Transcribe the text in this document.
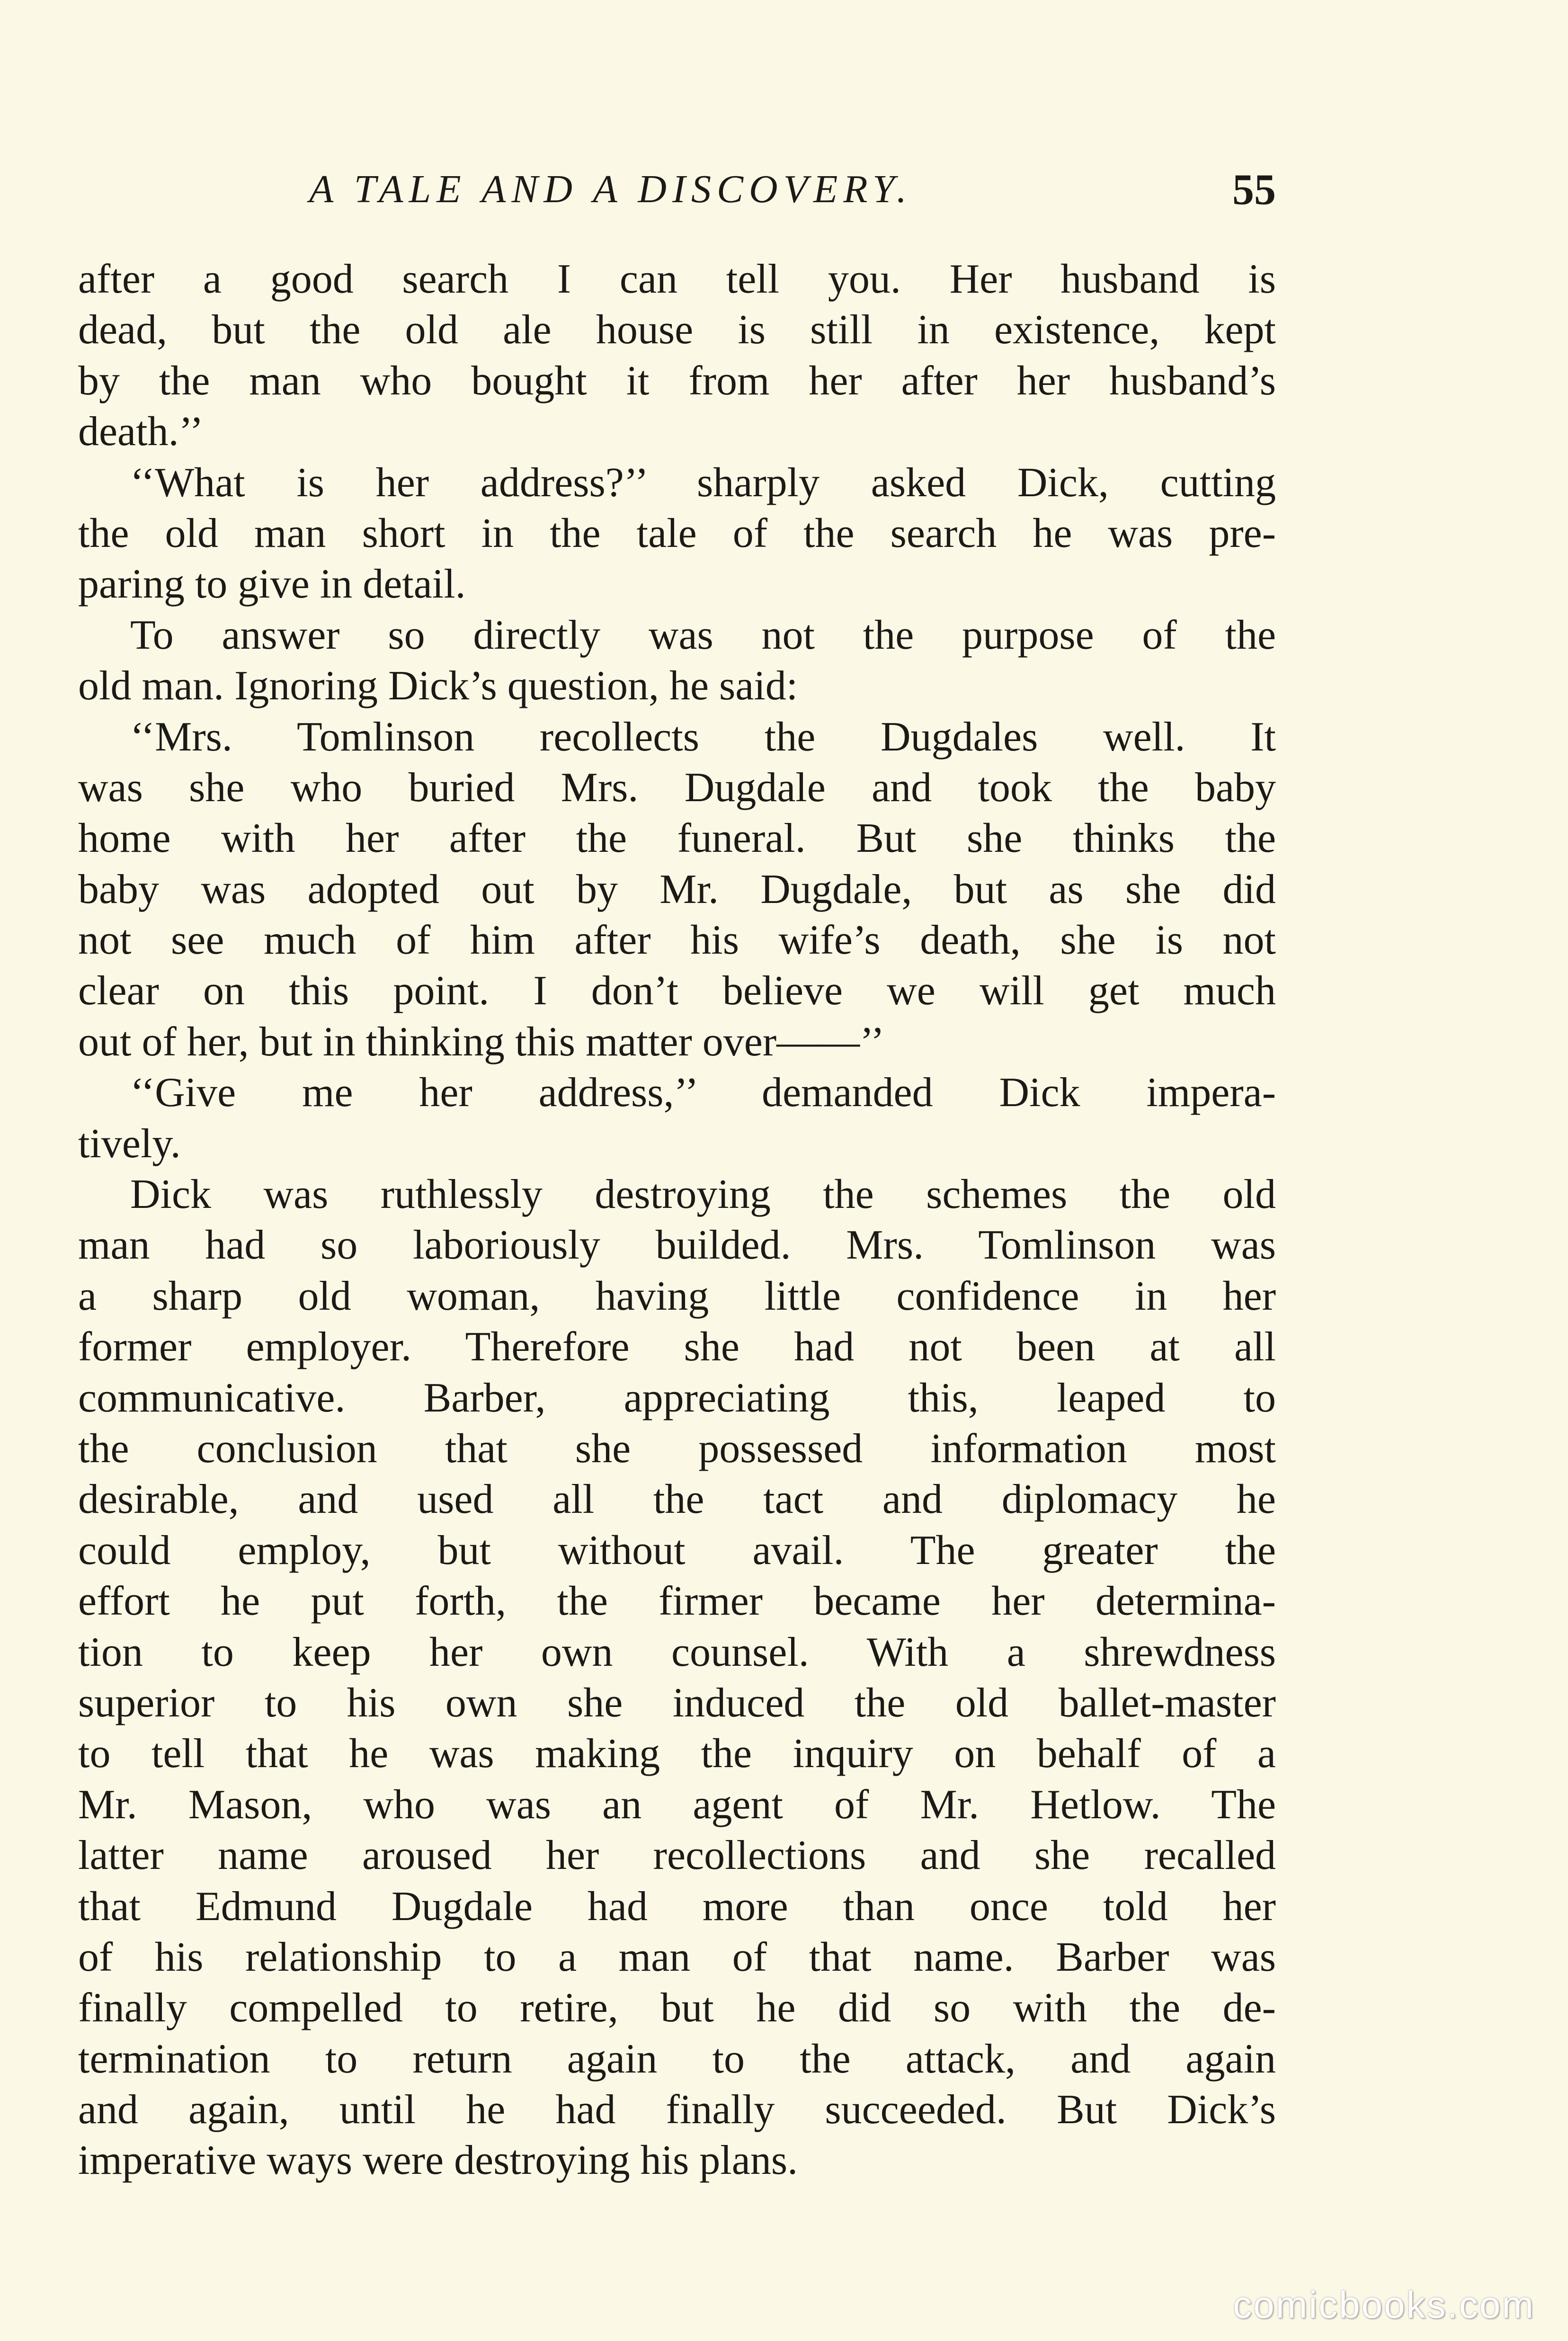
A TALE AND A DISCOVERY.	55
after a good search I can tell you. Her husband is
dead, but the old ale house is still in existence, kept
by the man who bought it from her after her husband’s
death.’’
‘‘What is her address?’’ sharply asked Dick, cutting
the old man short in the tale of the search he was pre-
paring to give in detail.
To answer so directly was not the purpose of the
old man. Ignoring Dick’s question, he said:
‘‘Mrs. Tomlinson recollects the Dugdales well. It
was she who buried Mrs. Dugdale and took the baby
home with her after the funeral. But she thinks the
baby was adopted out by Mr. Dugdale, but as she did
not see much of him after his wife’s death, she is not
clear on this point. I don’t believe we will get much
out of her, but in thinking this matter over——’’
‘‘Give me her address,’’ demanded Dick impera-
tively.
Dick was ruthlessly destroying the schemes the old
man had so laboriously builded. Mrs. Tomlinson was
a sharp old woman, having little confidence in her
former employer. Therefore she had not been at all
communicative. Barber, appreciating this, leaped to
the conclusion that she possessed information most
desirable, and used all the tact and diplomacy he
could employ, but without avail. The greater the
effort he put forth, the firmer became her determina-
tion to keep her own counsel. With a shrewdness
superior to his own she induced the old ballet-master
to tell that he was making the inquiry on behalf of a
Mr. Mason, who was an agent of Mr. Hetlow. The
latter name aroused her recollections and she recalled
that Edmund Dugdale had more than once told her
of his relationship to a man of that name. Barber was
finally compelled to retire, but he did so with the de-
termination to return again to the attack, and again
and again, until he had finally succeeded. But Dick’s
imperative ways were destroying his plans.
comicbooks.com
